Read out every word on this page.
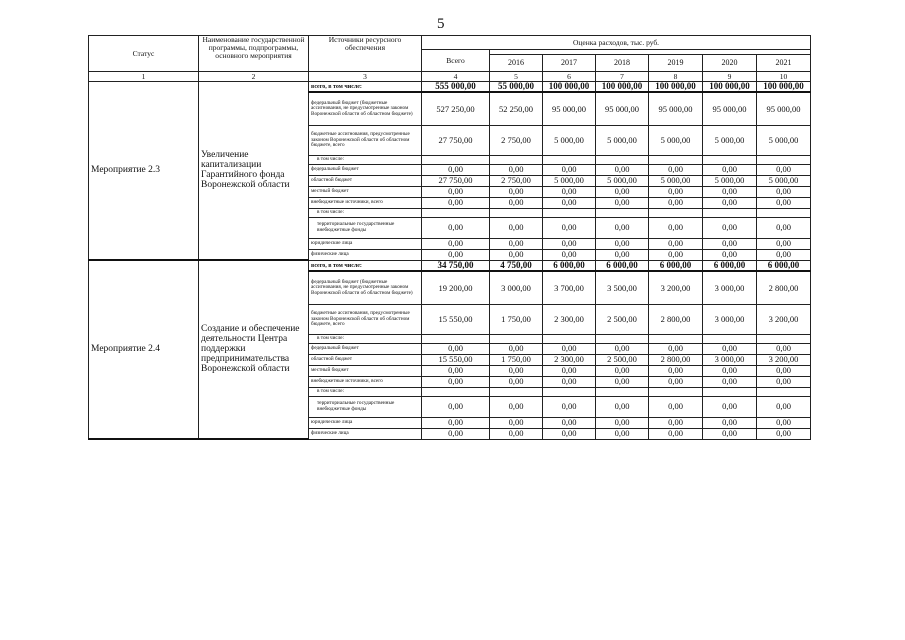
5
Статус	Наименование государственной программы, подпрограммы, основного мероприятия	Источники ресурсного обеспечения	Оценка расходов, тыс. руб.						
			Всего						
				2016	2017	2018	2019	2020	2021
1	2	3	4	5	6	7	8	9	10
Мероприятие 2.3	Увеличение капитализации Гарантийного фонда Воронежской области	всего, в том числе:	555 000,00	55 000,00	100 000,00	100 000,00	100 000,00	100 000,00	100 000,00
		федеральный бюджет (бюджетные ассигнования, не предусмотренные законом Воронежской области об областном бюджете)	527 250,00	52 250,00	95 000,00	95 000,00	95 000,00	95 000,00	95 000,00
		бюджетные ассигнования, предусмотренные законом Воронежской области об областном бюджете, всего	27 750,00	2 750,00	5 000,00	5 000,00	5 000,00	5 000,00	5 000,00
		в том числе:							
		федеральный бюджет	0,00	0,00	0,00	0,00	0,00	0,00	0,00
		областной бюджет	27 750,00	2 750,00	5 000,00	5 000,00	5 000,00	5 000,00	5 000,00
		местный бюджет	0,00	0,00	0,00	0,00	0,00	0,00	0,00
		внебюджетные источники, всего	0,00	0,00	0,00	0,00	0,00	0,00	0,00
		в том числе:							
		территориальные государственные внебюджетные фонды	0,00	0,00	0,00	0,00	0,00	0,00	0,00
		юридические лица	0,00	0,00	0,00	0,00	0,00	0,00	0,00
		физические лица	0,00	0,00	0,00	0,00	0,00	0,00	0,00
Мероприятие 2.4	Создание и обеспечение деятельности Центра поддержки предпринимательства Воронежской области	всего, в том числе:	34 750,00	4 750,00	6 000,00	6 000,00	6 000,00	6 000,00	6 000,00
		федеральный бюджет (бюджетные ассигнования, не предусмотренные законом Воронежской области об областном бюджете)	19 200,00	3 000,00	3 700,00	3 500,00	3 200,00	3 000,00	2 800,00
		бюджетные ассигнования, предусмотренные законом Воронежской области об областном бюджете, всего	15 550,00	1 750,00	2 300,00	2 500,00	2 800,00	3 000,00	3 200,00
		в том числе:							
		федеральный бюджет	0,00	0,00	0,00	0,00	0,00	0,00	0,00
		областной бюджет	15 550,00	1 750,00	2 300,00	2 500,00	2 800,00	3 000,00	3 200,00
		местный бюджет	0,00	0,00	0,00	0,00	0,00	0,00	0,00
		внебюджетные источники, всего	0,00	0,00	0,00	0,00	0,00	0,00	0,00
		в том числе:							
		территориальные государственные внебюджетные фонды	0,00	0,00	0,00	0,00	0,00	0,00	0,00
		юридические лица	0,00	0,00	0,00	0,00	0,00	0,00	0,00
		физические лица	0,00	0,00	0,00	0,00	0,00	0,00	0,00
